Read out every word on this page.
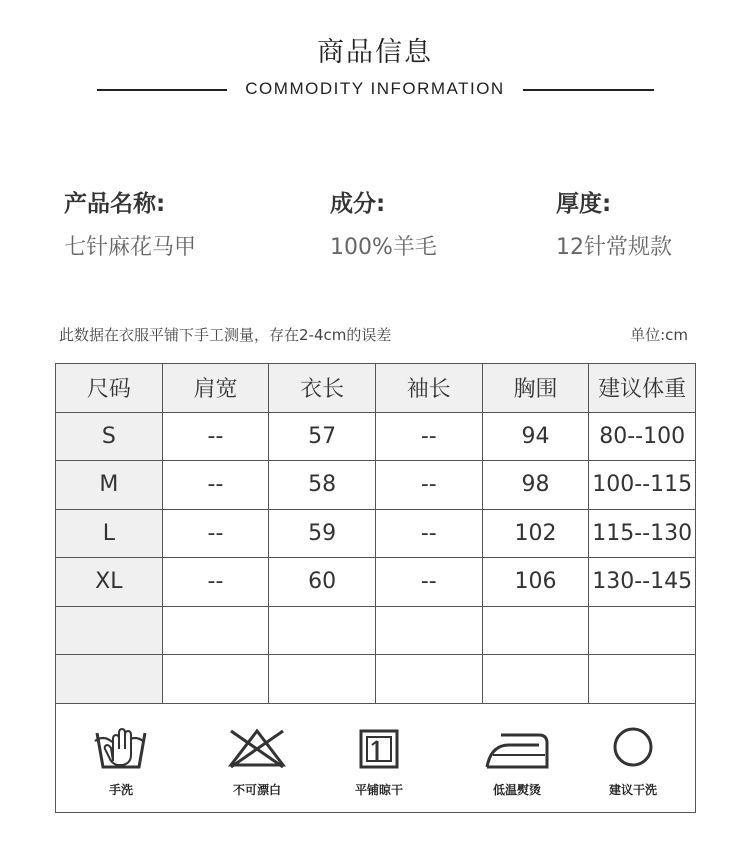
商品信息
COMMODITY INFORMATION
产品名称:
七针麻花马甲
成分:
100%羊毛
厚度:
12针常规款
此数据在衣服平铺下手工测量，存在2-4cm的误差	单位:cm
尺码	肩宽	衣长	袖长	胸围	建议体重
S	--	57	--	94	80--100
M	--	58	--	98	100--115
L	--	59	--	102	115--130
XL	--	60	--	106	130--145

手洗	不可漂白	平铺晾干	低温熨烫	建议干洗
